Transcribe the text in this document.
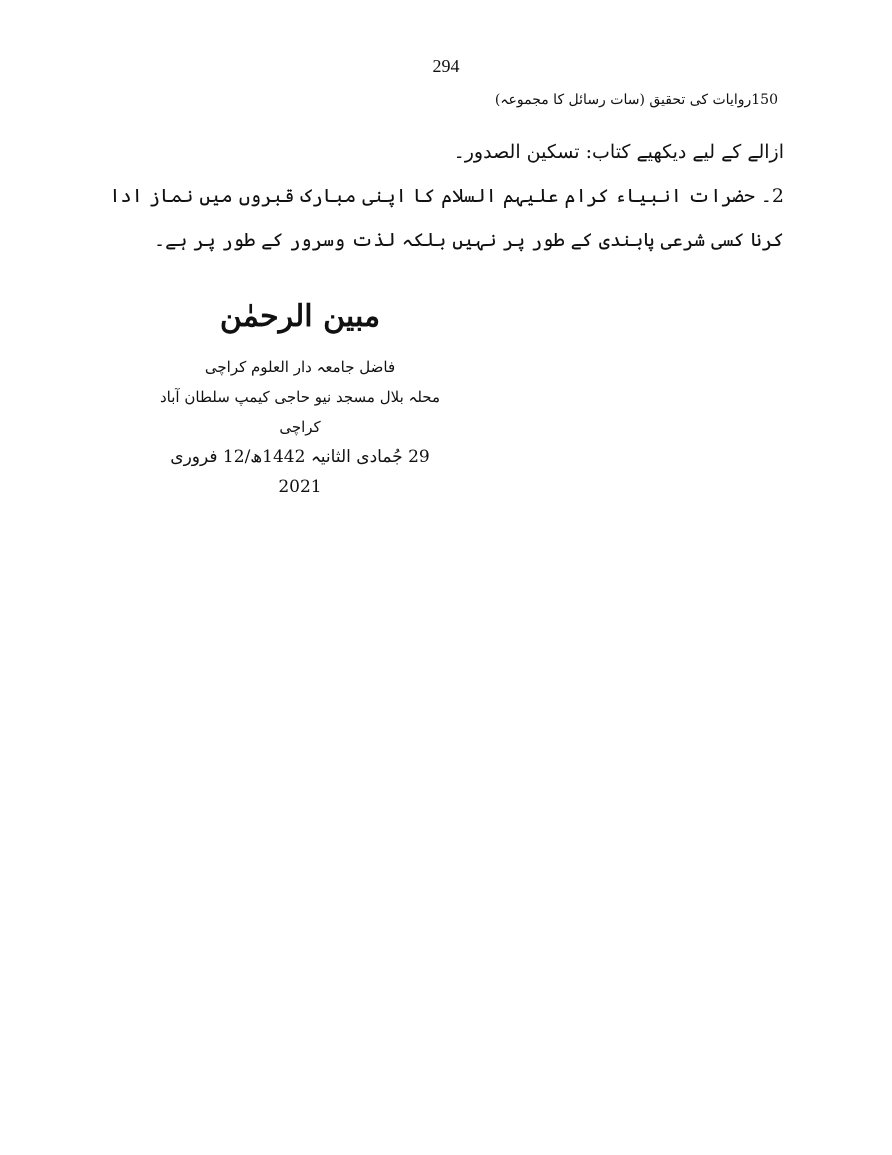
294
150روایات کی تحقیق (سات رسائل کا مجموعہ)

ازالے کے لیے دیکھیے کتاب: تسکین الصدور۔

2۔ حضرات انبیاء کرام علیہم السلام کا اپنی مبارک قبروں میں نماز ادا کرنا کسی شرعی پابندی کے طور پر نہیں بلکہ لذت وسرور کے طور پر ہے۔

مبین الرحمٰن
فاضل جامعہ دار العلوم کراچی
محلہ بلال مسجد نیو حاجی کیمپ سلطان آباد کراچی
29 جُمادی الثانیہ 1442ھ/12 فروری 2021
